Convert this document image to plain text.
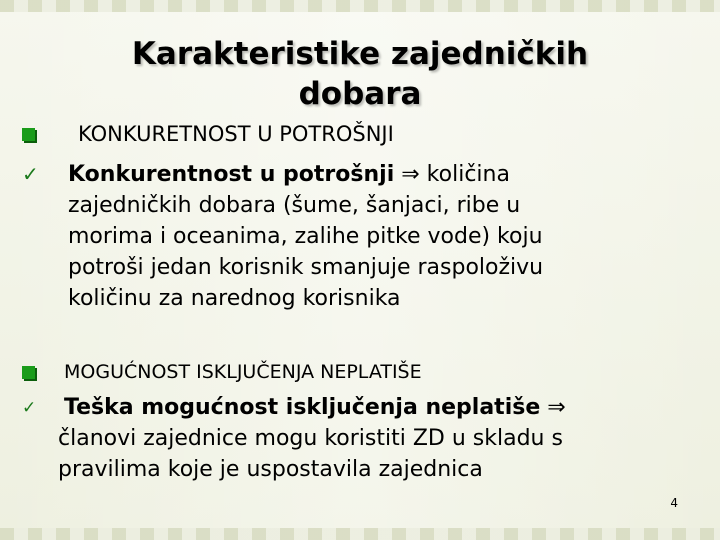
Karakteristike zajedničkih
dobara
KONKURETNOST U POTROŠNJI
✓ Konkurentnost u potrošnji ⇒ količina
zajedničkih dobara (šume, šanjaci, ribe u
morima i oceanima, zalihe pitke vode) koju
potroši jedan korisnik smanjuje raspoloživu
količinu za narednog korisnika
MOGUĆNOST ISKLJUČENJA NEPLATIŠE
✓ Teška mogućnost isključenja neplatiše ⇒
članovi zajednice mogu koristiti ZD u skladu s
pravilima koje je uspostavila zajednica
4
